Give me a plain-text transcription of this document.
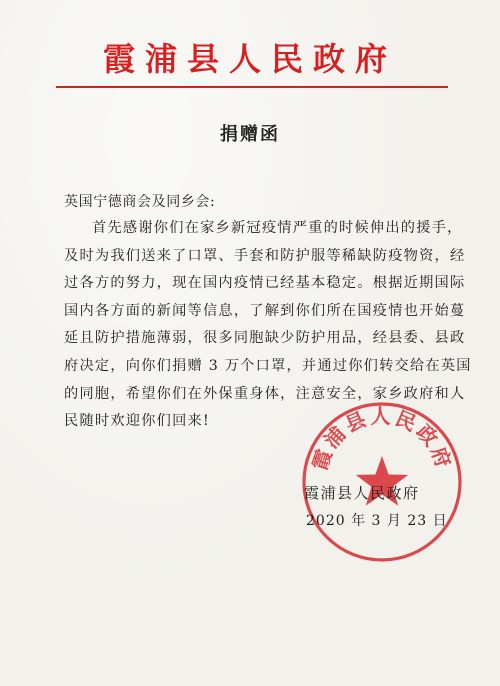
霞浦县人民政府
捐赠函
英国宁德商会及同乡会:
首先感谢你们在家乡新冠疫情严重的时候伸出的援手，
及时为我们送来了口罩、手套和防护服等稀缺防疫物资，经
过各方的努力，现在国内疫情已经基本稳定。根据近期国际
国内各方面的新闻等信息，了解到你们所在国疫情也开始蔓
延且防护措施薄弱，很多同胞缺少防护用品，经县委、县政
府决定，向你们捐赠 3 万个口罩，并通过你们转交给在英国
的同胞，希望你们在外保重身体，注意安全，家乡政府和人
民随时欢迎你们回来!
霞浦县人民政府
霞浦县人民政府
2020 年 3 月 23 日
